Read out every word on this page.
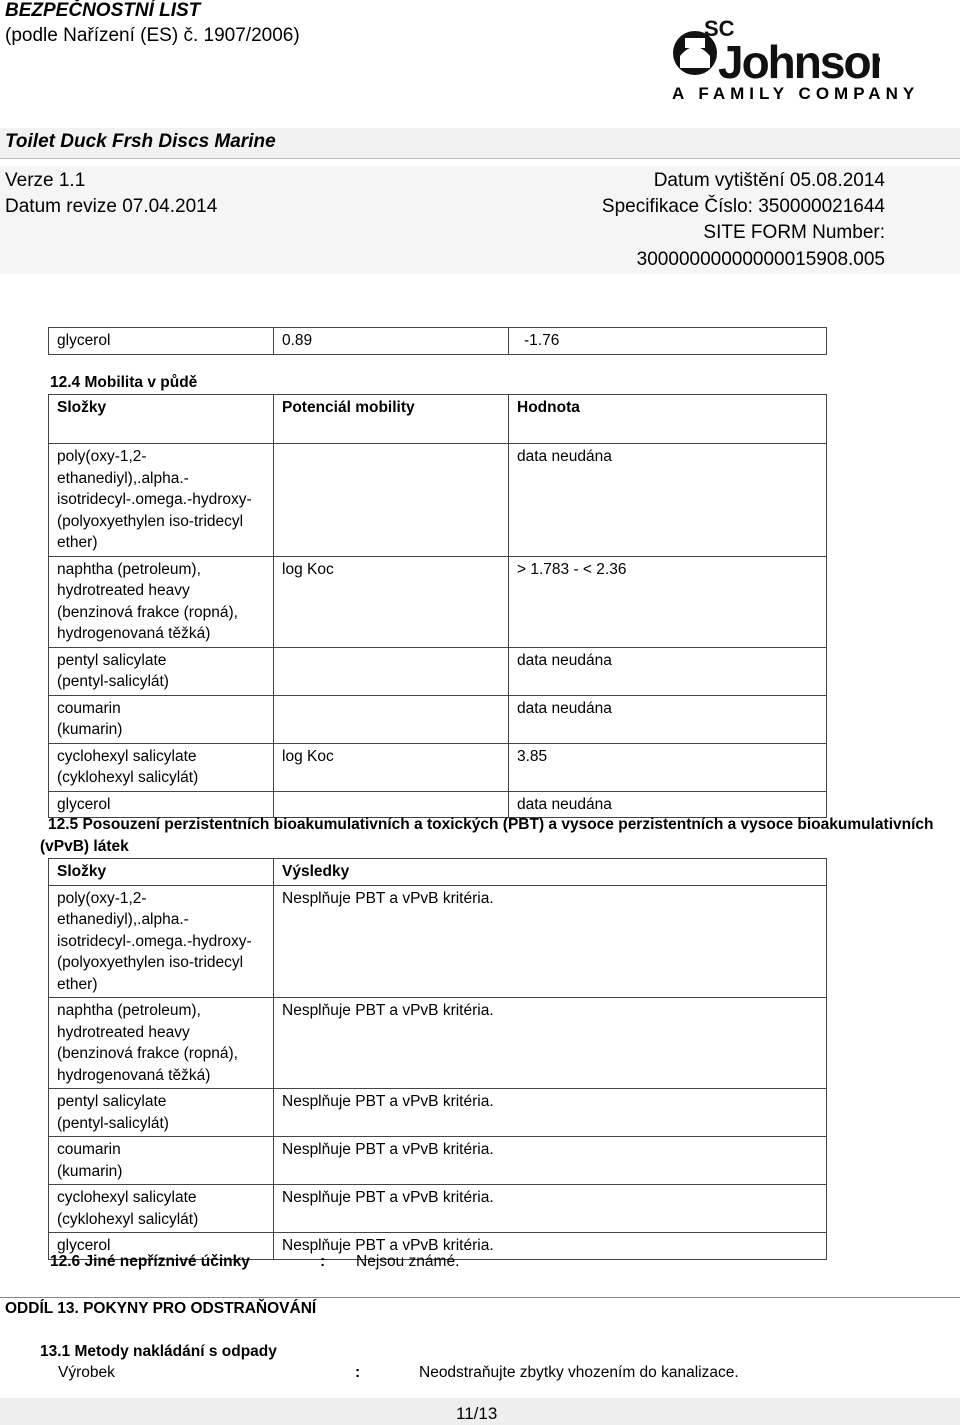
BEZPEČNOSTNÍ LIST
(podle Nařízení (ES) č. 1907/2006)	SC
Johnson
A FAMILY COMPANY
Toilet Duck Frsh Discs Marine
Verze 1.1
Datum revize 07.04.2014
Datum vytištění 05.08.2014
Specifikace Číslo: 350000021644
SITE FORM Number:
30000000000000015908.005
glycerol	0.89	-1.76
12.4 Mobilita v půdě
Složky	Potenciál mobility	Hodnota
poly(oxy-1,2-
ethanediyl),.alpha.-
isotridecyl-.omega.-hydroxy-
(polyoxyethylen iso-tridecyl
ether)		data neudána
naphtha (petroleum),
hydrotreated heavy
(benzinová frakce (ropná),
hydrogenovaná těžká)	log Koc	> 1.783 - < 2.36
pentyl salicylate
(pentyl-salicylát)		data neudána
coumarin
(kumarin)		data neudána
cyclohexyl salicylate
(cyklohexyl salicylát)	log Koc	3.85
glycerol		data neudána
12.5 Posouzení perzistentních bioakumulativních a toxických (PBT) a vysoce perzistentních a vysoce bioakumulativních
(vPvB) látek
Složky	Výsledky
poly(oxy-1,2-
ethanediyl),.alpha.-
isotridecyl-.omega.-hydroxy-
(polyoxyethylen iso-tridecyl
ether)	Nesplňuje PBT a vPvB kritéria.
naphtha (petroleum),
hydrotreated heavy
(benzinová frakce (ropná),
hydrogenovaná těžká)	Nesplňuje PBT a vPvB kritéria.
pentyl salicylate
(pentyl-salicylát)	Nesplňuje PBT a vPvB kritéria.
coumarin
(kumarin)	Nesplňuje PBT a vPvB kritéria.
cyclohexyl salicylate
(cyklohexyl salicylát)	Nesplňuje PBT a vPvB kritéria.
glycerol	Nesplňuje PBT a vPvB kritéria.
12.6 Jiné nepříznivé účinky	: Nejsou známé.
ODDÍL 13. POKYNY PRO ODSTRAŇOVÁNÍ
13.1 Metody nakládání s odpady
Výrobek	:	Neodstraňujte zbytky vhozením do kanalizace.
11/13
